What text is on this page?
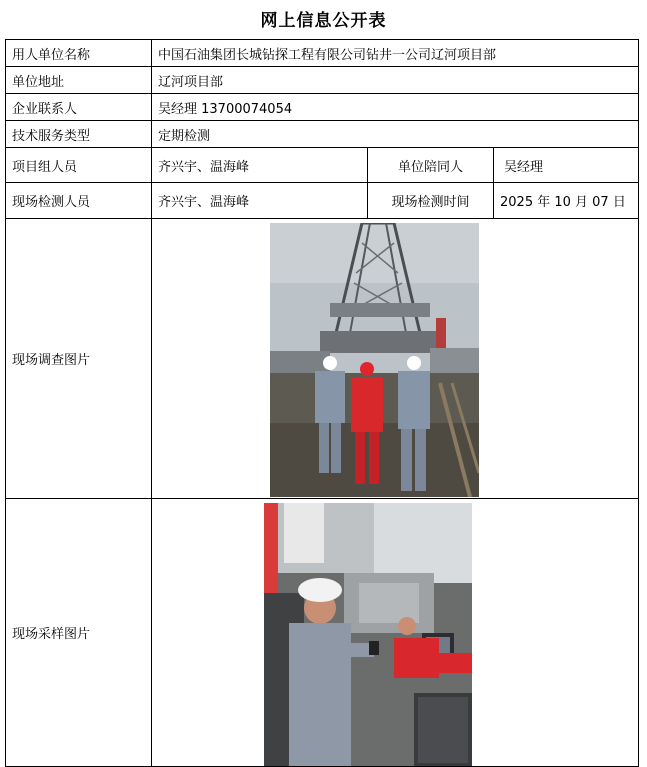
网上信息公开表
用人单位名称	中国石油集团长城钻探工程有限公司钻井一公司辽河项目部		
单位地址	辽河项目部		
企业联系人	吴经理 13700074054		
技术服务类型	定期检测		
项目组人员	齐兴宇、温海峰	单位陪同人	吴经理
现场检测人员	齐兴宇、温海峰	现场检测时间	2025 年 10 月 07 日
现场调查图片	

现场采样图片	
